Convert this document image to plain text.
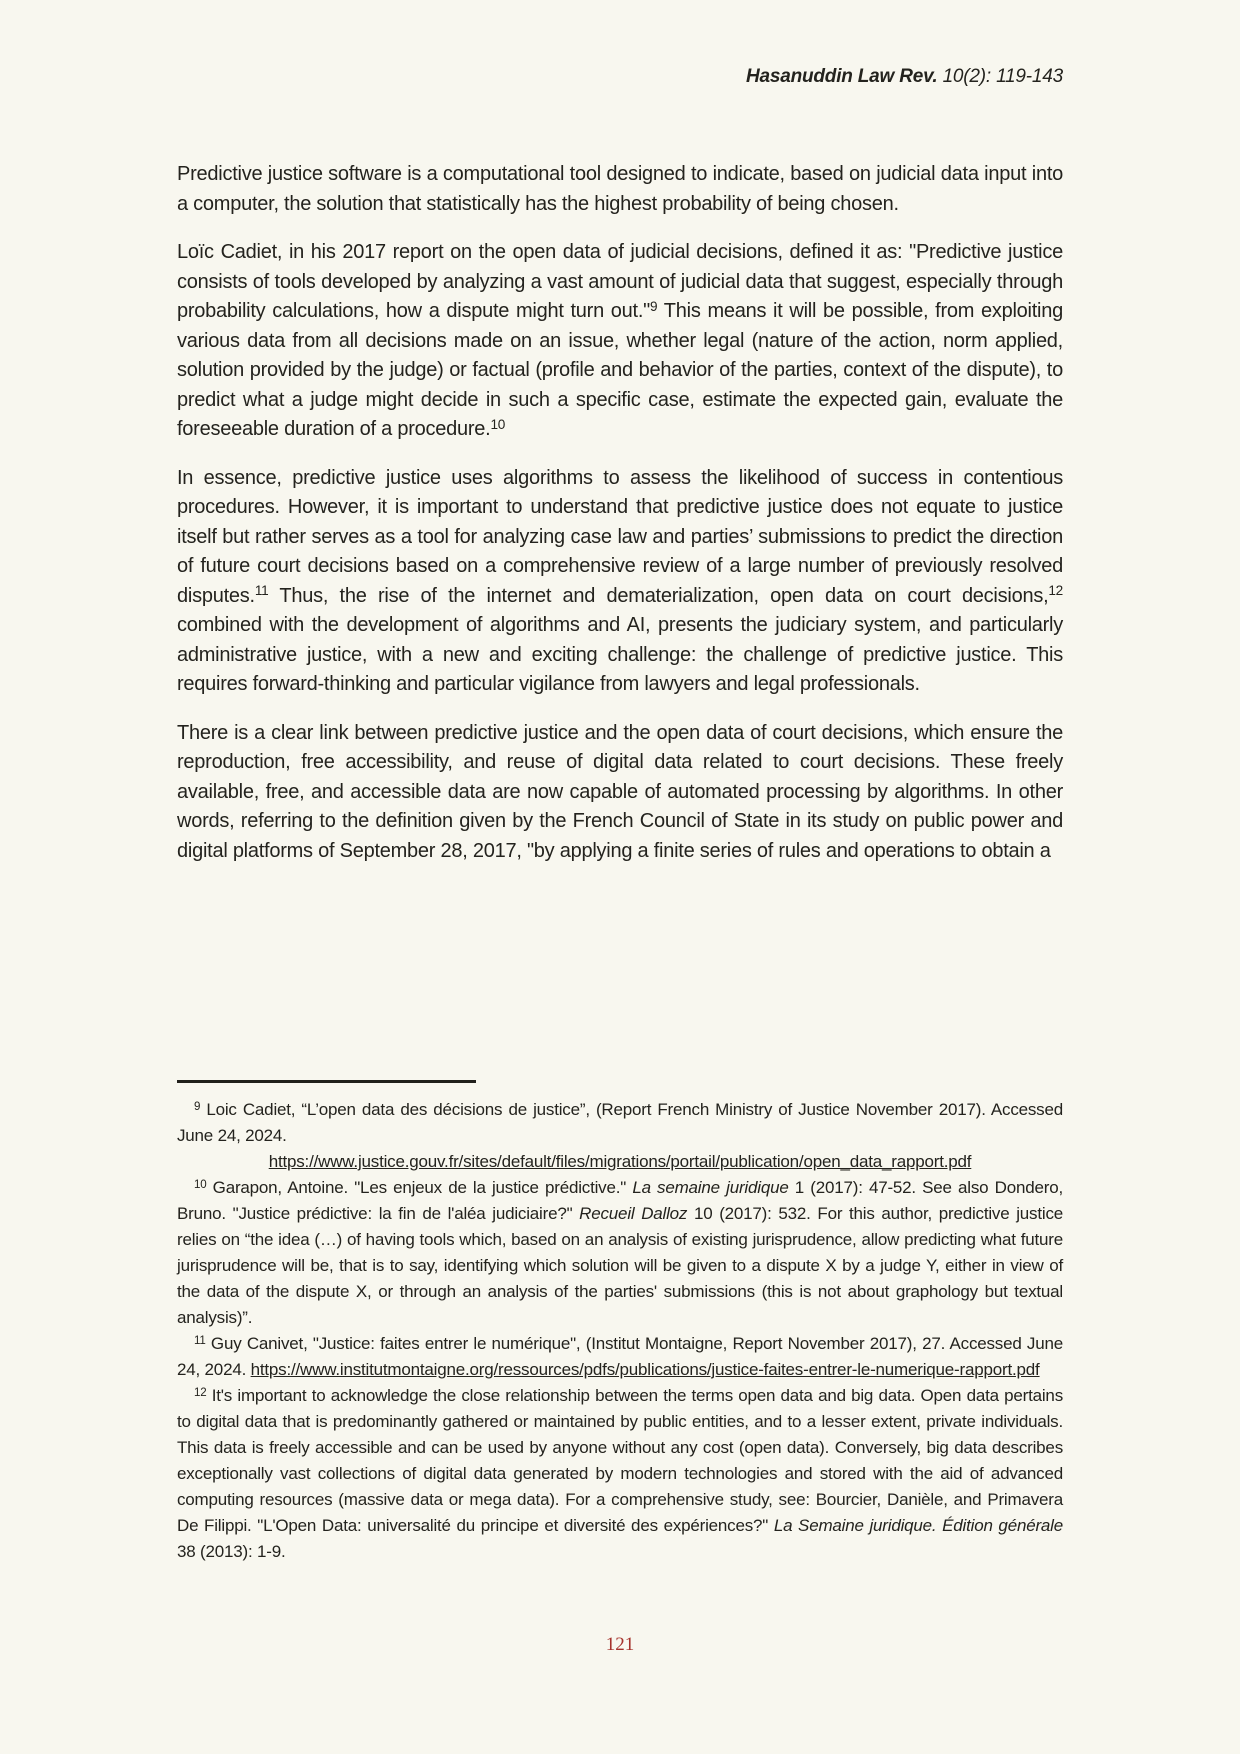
Hasanuddin Law Rev. 10(2): 119-143

Predictive justice software is a computational tool designed to indicate, based on judicial data input into a computer, the solution that statistically has the highest probability of being chosen.

Loïc Cadiet, in his 2017 report on the open data of judicial decisions, defined it as: "Predictive justice consists of tools developed by analyzing a vast amount of judicial data that suggest, especially through probability calculations, how a dispute might turn out."$^9$ This means it will be possible, from exploiting various data from all decisions made on an issue, whether legal (nature of the action, norm applied, solution provided by the judge) or factual (profile and behavior of the parties, context of the dispute), to predict what a judge might decide in such a specific case, estimate the expected gain, evaluate the foreseeable duration of a procedure.$^{10}$

In essence, predictive justice uses algorithms to assess the likelihood of success in contentious procedures. However, it is important to understand that predictive justice does not equate to justice itself but rather serves as a tool for analyzing case law and parties’ submissions to predict the direction of future court decisions based on a comprehensive review of a large number of previously resolved disputes.$^{11}$ Thus, the rise of the internet and dematerialization, open data on court decisions,$^{12}$ combined with the development of algorithms and AI, presents the judiciary system, and particularly administrative justice, with a new and exciting challenge: the challenge of predictive justice. This requires forward-thinking and particular vigilance from lawyers and legal professionals.

There is a clear link between predictive justice and the open data of court decisions, which ensure the reproduction, free accessibility, and reuse of digital data related to court decisions. These freely available, free, and accessible data are now capable of automated processing by algorithms. In other words, referring to the definition given by the French Council of State in its study on public power and digital platforms of September 28, 2017, "by applying a finite series of rules and operations to obtain a

$^9$ Loic Cadiet, “L’open data des décisions de justice”, (Report French Ministry of Justice November 2017). Accessed June 24, 2024.
https://www.justice.gouv.fr/sites/default/files/migrations/portail/publication/open_data_rapport.pdf

$^{10}$ Garapon, Antoine. "Les enjeux de la justice prédictive." La semaine juridique 1 (2017): 47-52. See also Dondero, Bruno. "Justice prédictive: la fin de l'aléa judiciaire?" Recueil Dalloz 10 (2017): 532. For this author, predictive justice relies on “the idea (…) of having tools which, based on an analysis of existing jurisprudence, allow predicting what future jurisprudence will be, that is to say, identifying which solution will be given to a dispute X by a judge Y, either in view of the data of the dispute X, or through an analysis of the parties' submissions (this is not about graphology but textual analysis)”.

$^{11}$ Guy Canivet, "Justice: faites entrer le numérique", (Institut Montaigne, Report November 2017), 27. Accessed June 24, 2024. https://www.institutmontaigne.org/ressources/pdfs/publications/justice-faites-entrer-le-numerique-rapport.pdf

$^{12}$ It's important to acknowledge the close relationship between the terms open data and big data. Open data pertains to digital data that is predominantly gathered or maintained by public entities, and to a lesser extent, private individuals. This data is freely accessible and can be used by anyone without any cost (open data). Conversely, big data describes exceptionally vast collections of digital data generated by modern technologies and stored with the aid of advanced computing resources (massive data or mega data). For a comprehensive study, see: Bourcier, Danièle, and Primavera De Filippi. "L'Open Data: universalité du principe et diversité des expériences?" La Semaine juridique. Édition générale 38 (2013): 1-9.

121
